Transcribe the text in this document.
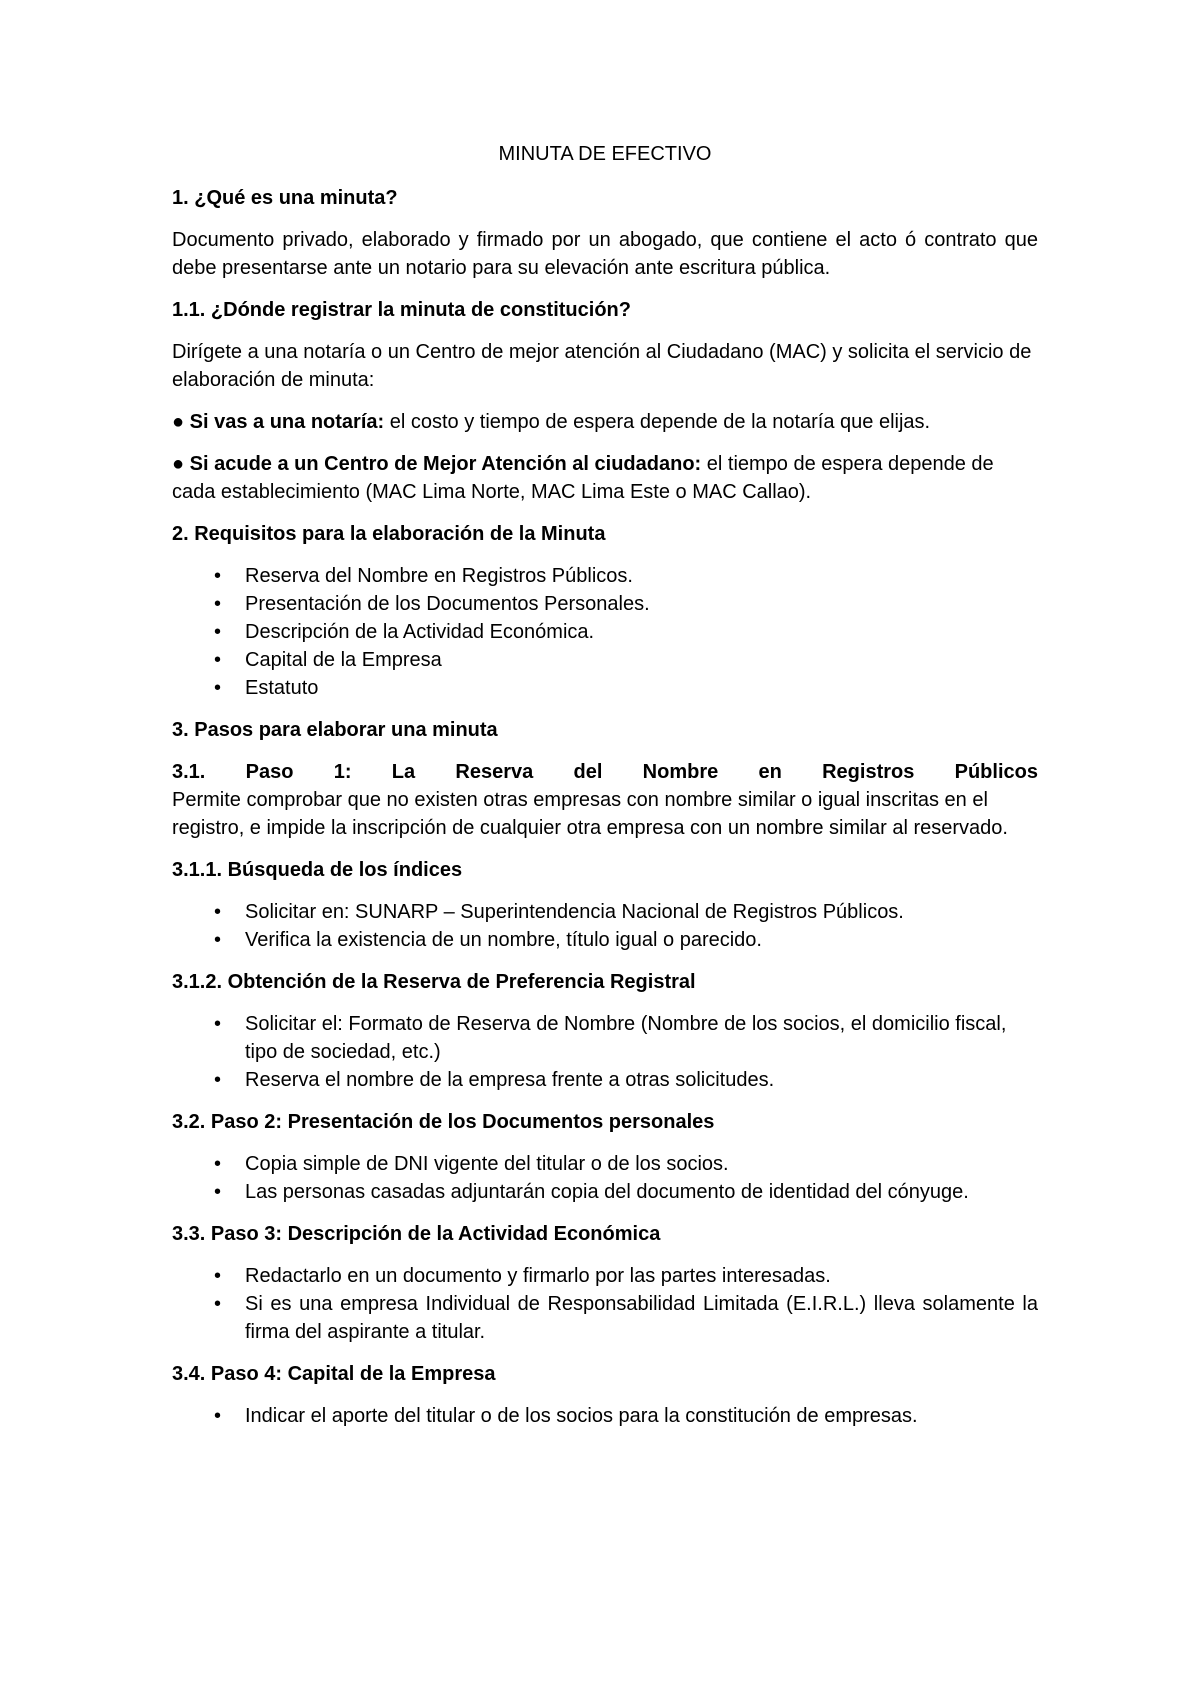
MINUTA DE EFECTIVO
1. ¿Qué es una minuta?

Documento privado, elaborado y firmado por un abogado, que contiene el acto ó contrato que debe presentarse ante un notario para su elevación ante escritura pública.

1.1. ¿Dónde registrar la minuta de constitución?

Dirígete a una notaría o un Centro de mejor atención al Ciudadano (MAC) y solicita el servicio de elaboración de minuta:

● Si vas a una notaría: el costo y tiempo de espera depende de la notaría que elijas.
● Si acude a un Centro de Mejor Atención al ciudadano: el tiempo de espera depende de cada establecimiento (MAC Lima Norte, MAC Lima Este o MAC Callao).
2. Requisitos para la elaboración de la Minuta
• Reserva del Nombre en Registros Públicos.
• Presentación de los Documentos Personales.
• Descripción de la Actividad Económica.
• Capital de la Empresa
• Estatuto
3. Pasos para elaborar una minuta
3.1. Paso 1: La Reserva del Nombre en Registros Públicos
Permite comprobar que no existen otras empresas con nombre similar o igual inscritas en el registro, e impide la inscripción de cualquier otra empresa con un nombre similar al reservado.
3.1.1. Búsqueda de los índices
• Solicitar en: SUNARP – Superintendencia Nacional de Registros Públicos.
• Verifica la existencia de un nombre, título igual o parecido.
3.1.2. Obtención de la Reserva de Preferencia Registral
• Solicitar el: Formato de Reserva de Nombre (Nombre de los socios, el domicilio fiscal, tipo de sociedad, etc.)
• Reserva el nombre de la empresa frente a otras solicitudes.
3.2. Paso 2: Presentación de los Documentos personales
• Copia simple de DNI vigente del titular o de los socios.
• Las personas casadas adjuntarán copia del documento de identidad del cónyuge.
3.3. Paso 3: Descripción de la Actividad Económica
• Redactarlo en un documento y firmarlo por las partes interesadas.
• Si es una empresa Individual de Responsabilidad Limitada (E.I.R.L.) lleva solamente la firma del aspirante a titular.
3.4. Paso 4: Capital de la Empresa
• Indicar el aporte del titular o de los socios para la constitución de empresas.
